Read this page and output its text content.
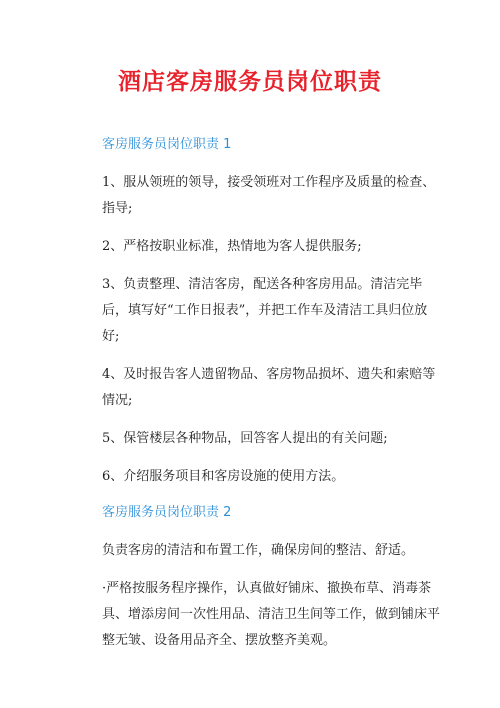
酒店客房服务员岗位职责

客房服务员岗位职责 1

1、服从领班的领导，接受领班对工作程序及质量的检查、指导;

2、严格按职业标准，热情地为客人提供服务;

3、负责整理、清洁客房，配送各种客房用品。清洁完毕后，填写好“工作日报表”，并把工作车及清洁工具归位放好;

4、及时报告客人遗留物品、客房物品损坏、遗失和索赔等情况;

5、保管楼层各种物品，回答客人提出的有关问题;

6、介绍服务项目和客房设施的使用方法。

客房服务员岗位职责 2

负责客房的清洁和布置工作，确保房间的整洁、舒适。

·严格按服务程序操作，认真做好铺床、撤换布草、消毒茶具、增添房间一次性用品、清洁卫生间等工作，做到铺床平整无皱、设备用品齐全、摆放整齐美观。
